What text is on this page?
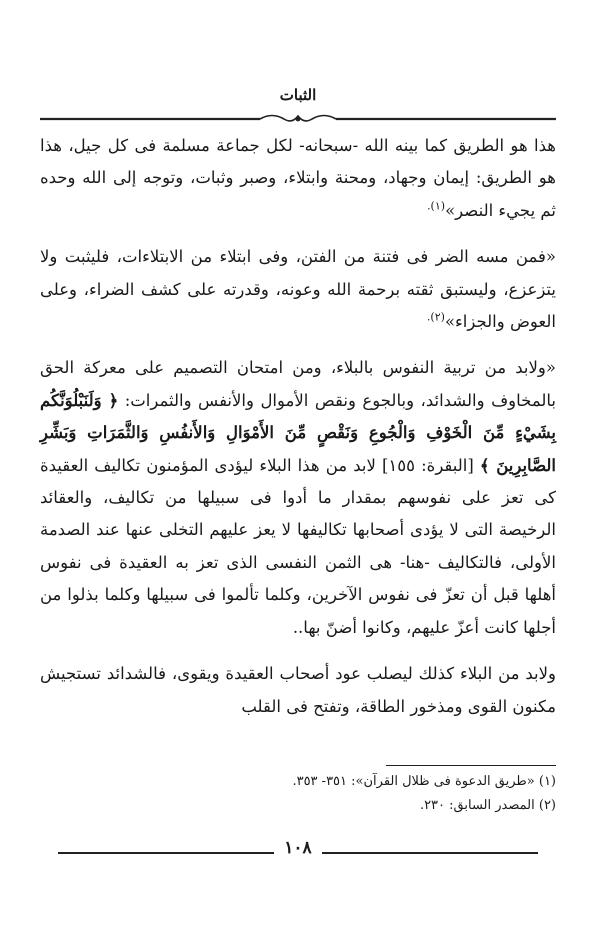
الثبات

هذا هو الطريق كما بينه الله -سبحانه- لكل جماعة مسلمة فى كل جيل، هذا هو الطريق: إيمان وجهاد، ومحنة وابتلاء، وصبر وثبات، وتوجه إلى الله وحده ثم يجيء النصر»$^{(١).}$

«فمن مسه الضر فى فتنة من الفتن، وفى ابتلاء من الابتلاءات، فليثبت ولا يتزعزع، وليستبق ثقته برحمة الله وعونه، وقدرته على كشف الضراء، وعلى العوض والجزاء»$^{(٢).}$

«ولابد من تربية النفوس بالبلاء، ومن امتحان التصميم على معركة الحق بالمخاوف والشدائد، وبالجوع ونقص الأموال والأنفس والثمرات: ﴿ وَلَنَبْلُوَنَّكُم بِشَيْءٍ مِّنَ الْخَوْفِ وَالْجُوعِ وَنَقْصٍ مِّنَ الأَمْوَالِ وَالأَنفُسِ وَالثَّمَرَاتِ وَبَشِّرِ الصَّابِرِينَ ﴾ [البقرة: ١٥٥] لابد من هذا البلاء ليؤدى المؤمنون تكاليف العقيدة كى تعز على نفوسهم بمقدار ما أدوا فى سبيلها من تكاليف، والعقائد الرخيصة التى لا يؤدى أصحابها تكاليفها لا يعز عليهم التخلى عنها عند الصدمة الأولى، فالتكاليف -هنا- هى الثمن النفسى الذى تعز به العقيدة فى نفوس أهلها قبل أن تعزّ فى نفوس الآخرين، وكلما تألموا فى سبيلها وكلما بذلوا من أجلها كانت أعزّ عليهم، وكانوا أضنّ بها..

ولابد من البلاء كذلك ليصلب عود أصحاب العقيدة ويقوى، فالشدائد تستجيش مكنون القوى ومذخور الطاقة، وتفتح فى القلب

(١) «طريق الدعوة فى ظلال القرآن»: ٣٥١- ٣٥٣.

(٢) المصدر السابق: ٢٣٠.

١٠٨
